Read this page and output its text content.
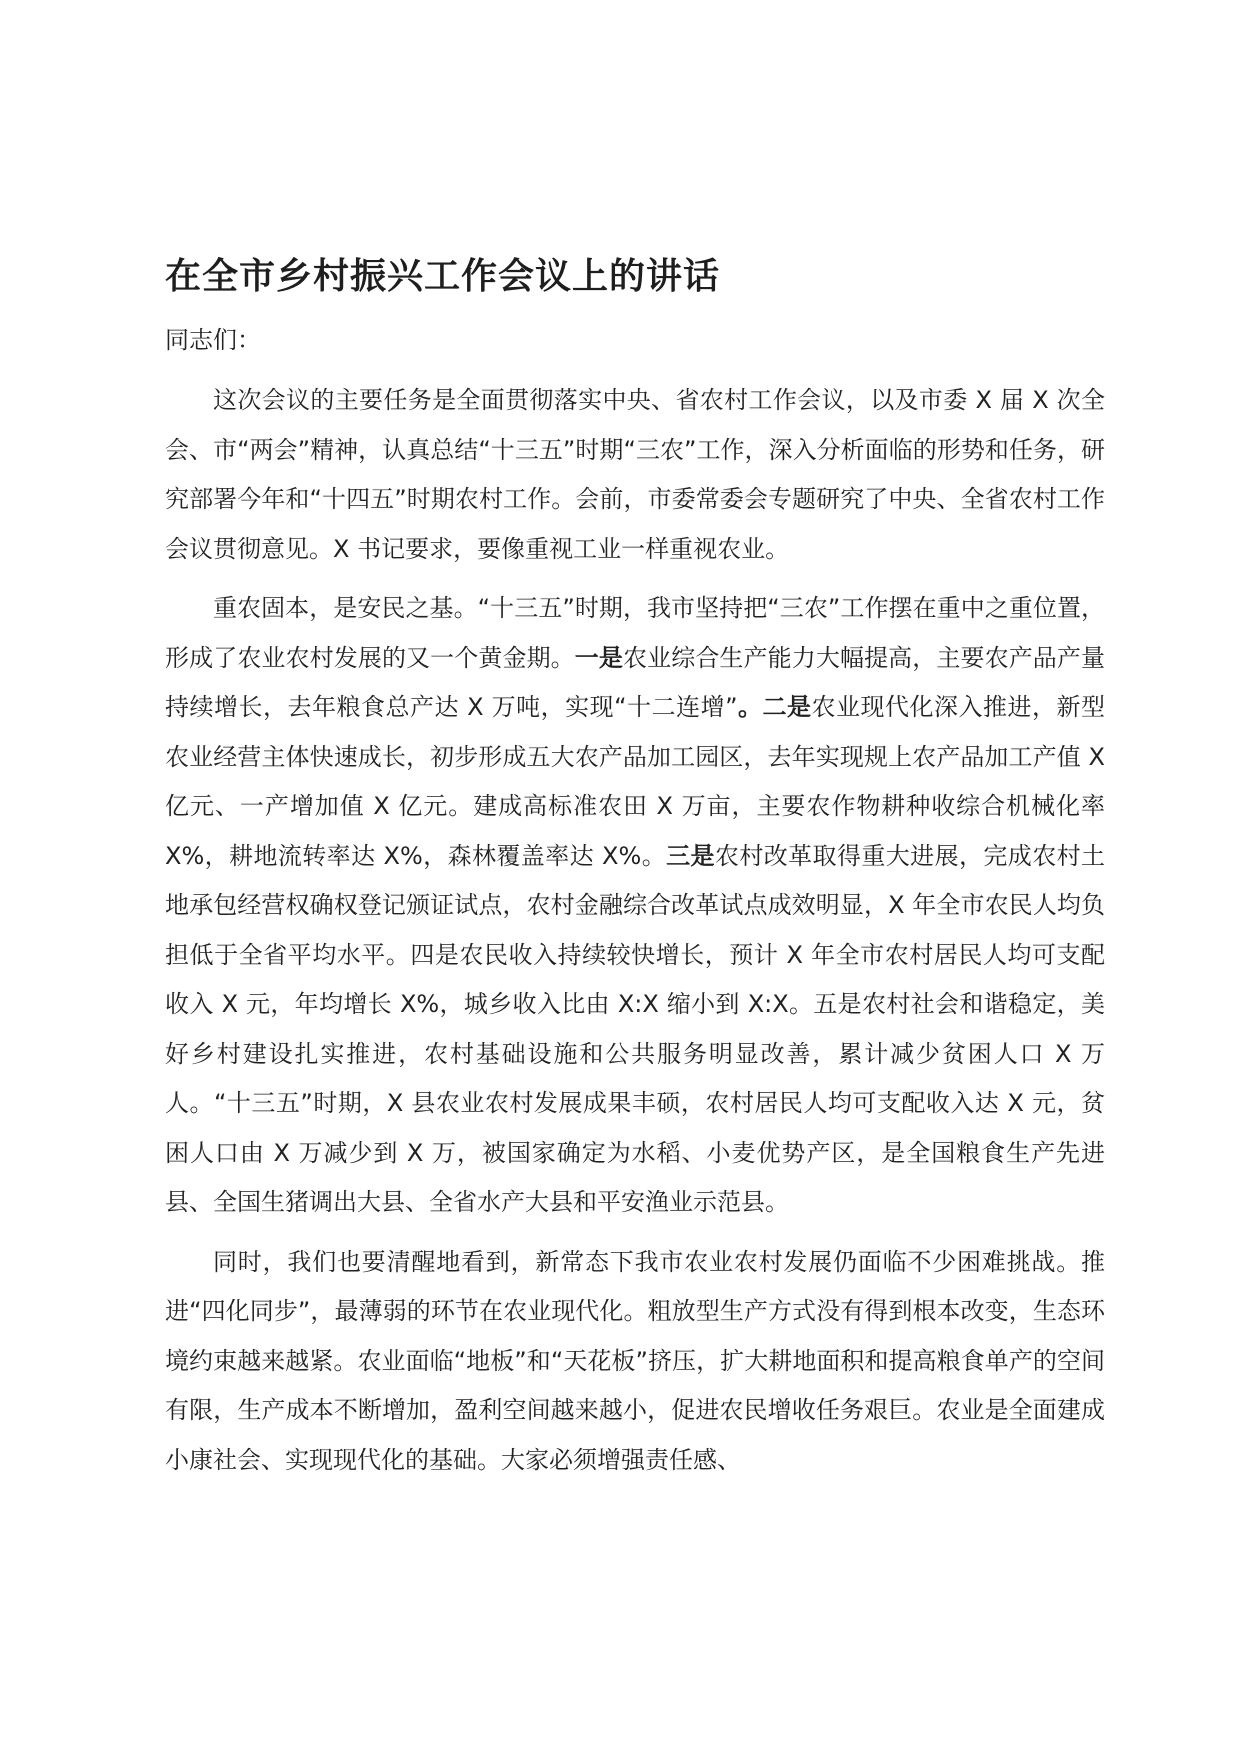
在全市乡村振兴工作会议上的讲话
同志们：

这次会议的主要任务是全面贯彻落实中央、省农村工作会议，以及市委 X 届 X 次全会、市“两会”精神，认真总结“十三五”时期“三农”工作，深入分析面临的形势和任务，研究部署今年和“十四五”时期农村工作。会前，市委常委会专题研究了中央、全省农村工作会议贯彻意见。X 书记要求，要像重视工业一样重视农业。

重农固本，是安民之基。“十三五”时期，我市坚持把“三农”工作摆在重中之重位置，形成了农业农村发展的又一个黄金期。一是农业综合生产能力大幅提高，主要农产品产量持续增长，去年粮食总产达 X 万吨，实现“十二连增”。二是农业现代化深入推进，新型农业经营主体快速成长，初步形成五大农产品加工园区，去年实现规上农产品加工产值 X 亿元、一产增加值 X 亿元。建成高标准农田 X 万亩，主要农作物耕种收综合机械化率 X%，耕地流转率达 X%，森林覆盖率达 X%。三是农村改革取得重大进展，完成农村土地承包经营权确权登记颁证试点，农村金融综合改革试点成效明显，X 年全市农民人均负担低于全省平均水平。四是农民收入持续较快增长，预计 X 年全市农村居民人均可支配收入 X 元，年均增长 X%，城乡收入比由 X:X 缩小到 X:X。五是农村社会和谐稳定，美好乡村建设扎实推进，农村基础设施和公共服务明显改善，累计减少贫困人口 X 万人。“十三五”时期，X 县农业农村发展成果丰硕，农村居民人均可支配收入达 X 元，贫困人口由 X 万减少到 X 万，被国家确定为水稻、小麦优势产区，是全国粮食生产先进县、全国生猪调出大县、全省水产大县和平安渔业示范县。

同时，我们也要清醒地看到，新常态下我市农业农村发展仍面临不少困难挑战。推进“四化同步”，最薄弱的环节在农业现代化。粗放型生产方式没有得到根本改变，生态环境约束越来越紧。农业面临“地板”和“天花板”挤压，扩大耕地面积和提高粮食单产的空间有限，生产成本不断增加，盈利空间越来越小，促进农民增收任务艰巨。农业是全面建成小康社会、实现现代化的基础。大家必须增强责任感、
